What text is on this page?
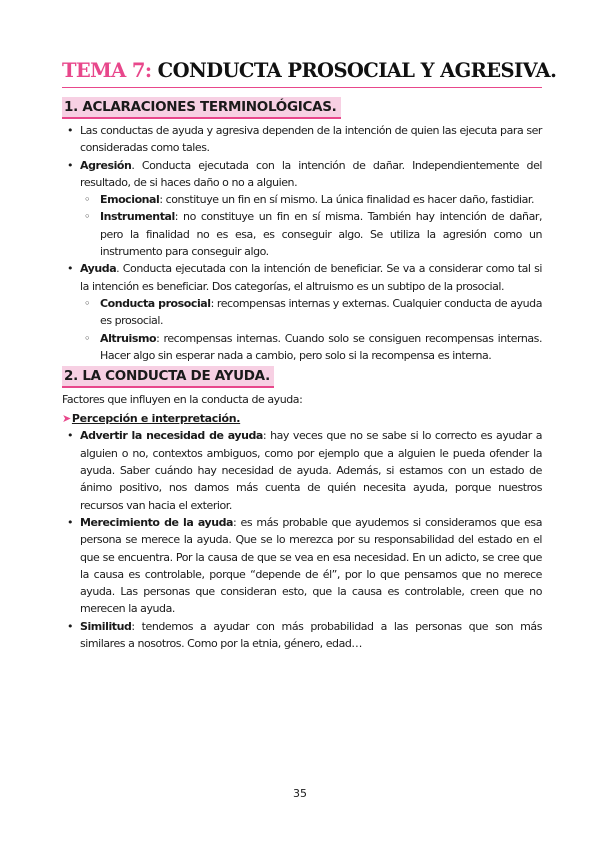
TEMA 7: CONDUCTA PROSOCIAL Y AGRESIVA.
1. ACLARACIONES TERMINOLÓGICAS.
• Las conductas de ayuda y agresiva dependen de la intención de quien las ejecuta para ser consideradas como tales.
• Agresión. Conducta ejecutada con la intención de dañar. Independientemente del resultado, de si haces daño o no a alguien.
◦ Emocional: constituye un fin en sí mismo. La única finalidad es hacer daño, fastidiar.
◦ Instrumental: no constituye un fin en sí misma. También hay intención de dañar, pero la finalidad no es esa, es conseguir algo. Se utiliza la agresión como un instrumento para conseguir algo.
• Ayuda. Conducta ejecutada con la intención de beneficiar. Se va a considerar como tal si la intención es beneficiar. Dos categorías, el altruismo es un subtipo de la prosocial.
◦ Conducta prosocial: recompensas internas y externas. Cualquier conducta de ayuda es prosocial.
◦ Altruismo: recompensas internas. Cuando solo se consiguen recompensas internas. Hacer algo sin esperar nada a cambio, pero solo si la recompensa es interna.
2. LA CONDUCTA DE AYUDA.
Factores que influyen en la conducta de ayuda:
➤Percepción e interpretación.
• Advertir la necesidad de ayuda: hay veces que no se sabe si lo correcto es ayudar a alguien o no, contextos ambiguos, como por ejemplo que a alguien le pueda ofender la ayuda. Saber cuándo hay necesidad de ayuda. Además, si estamos con un estado de ánimo positivo, nos damos más cuenta de quién necesita ayuda, porque nuestros recursos van hacia el exterior.
• Merecimiento de la ayuda: es más probable que ayudemos si consideramos que esa persona se merece la ayuda. Que se lo merezca por su responsabilidad del estado en el que se encuentra. Por la causa de que se vea en esa necesidad. En un adicto, se cree que la causa es controlable, porque “depende de él”, por lo que pensamos que no merece ayuda. Las personas que consideran esto, que la causa es controlable, creen que no merecen la ayuda.
• Similitud: tendemos a ayudar con más probabilidad a las personas que son más similares a nosotros. Como por la etnia, género, edad…
35
